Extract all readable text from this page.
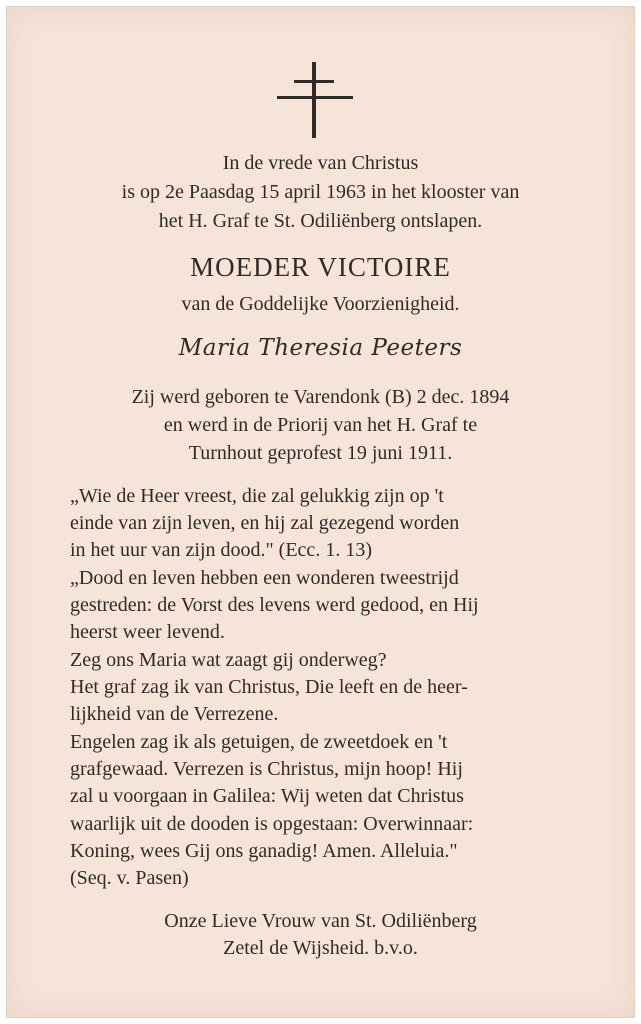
In de vrede van Christus
is op 2e Paasdag 15 april 1963 in het klooster van
het H. Graf te St. Odiliënberg ontslapen.
MOEDER VICTOIRE
van de Goddelijke Voorzienigheid.
Maria Theresia Peeters
Zij werd geboren te Varendonk (B) 2 dec. 1894
en werd in de Priorij van het H. Graf te
Turnhout geprofest 19 juni 1911.
„Wie de Heer vreest, die zal gelukkig zijn op 't
einde van zijn leven, en hij zal gezegend worden
in het uur van zijn dood." (Ecc. 1. 13)
„Dood en leven hebben een wonderen tweestrijd
gestreden: de Vorst des levens werd gedood, en Hij
heerst weer levend.
Zeg ons Maria wat zaagt gij onderweg?
Het graf zag ik van Christus, Die leeft en de heer-
lijkheid van de Verrezene.
Engelen zag ik als getuigen, de zweetdoek en 't
grafgewaad. Verrezen is Christus, mijn hoop! Hij
zal u voorgaan in Galilea: Wij weten dat Christus
waarlijk uit de dooden is opgestaan: Overwinnaar:
Koning, wees Gij ons ganadig! Amen. Alleluia."
(Seq. v. Pasen)
Onze Lieve Vrouw van St. Odiliënberg
Zetel de Wijsheid. b.v.o.
